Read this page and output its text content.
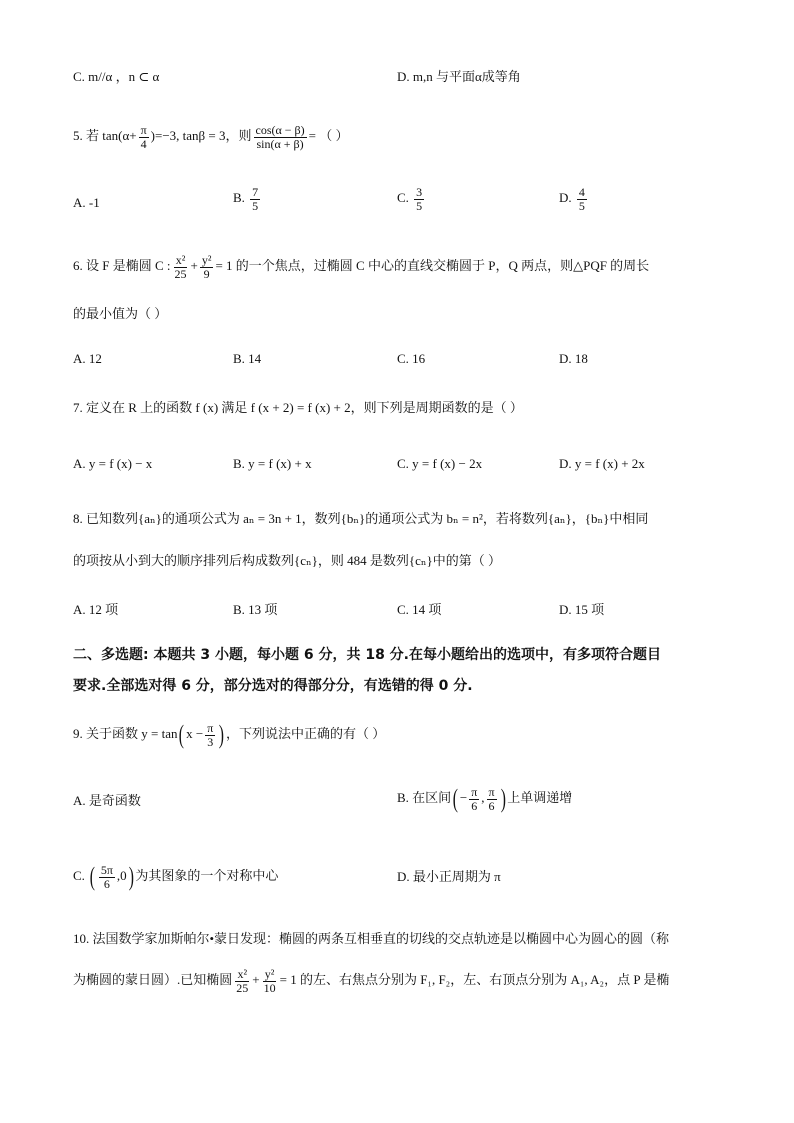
C. m//α ，n ⊂ α	D. m,n 与平面α成等角
5. 若 $\tan(\alpha+ \frac{\pi}{4} )=-3$, tanβ = 3，则 $\frac{\cos(\alpha - \beta)}{\sin(\alpha + \beta)}$ = （ ）
A. -1	B. $\frac{7}{5}$	C. $\frac{3}{5}$	D. $\frac{4}{5}$
6. 设 F 是椭圆 C : $\frac{\text{x²}}{25} + \frac{\text{y²}}{9} = 1$ 的一个焦点，过椭圆 C 中心的直线交椭圆于 P，Q 两点，则△PQF 的周长
的最小值为（ ）
A. 12	B. 14	C. 16	D. 18
7. 定义在 R 上的函数 f (x) 满足 f (x + 2) = f (x) + 2，则下列是周期函数的是（ ）
A. y = f (x) − x	B. y = f (x) + x	C. y = f (x) − 2x	D. y = f (x) + 2x
8. 已知数列{aₙ}的通项公式为 aₙ = 3n + 1，数列{bₙ}的通项公式为 bₙ = n²，若将数列{aₙ}，{bₙ}中相同
的项按从小到大的顺序排列后构成数列{cₙ}，则 484 是数列{cₙ}中的第（ ）
A. 12 项	B. 13 项	C. 14 项	D. 15 项
二、多选题: 本题共 3 小题，每小题 6 分，共 18 分.在每小题给出的选项中，有多项符合题目
要求.全部选对得 6 分，部分选对的得部分分，有选错的得 0 分.
9. 关于函数 y = tan( $x - \frac{\pi}{3}$ ) ，下列说法中正确的有（ ）
A. 是奇函数	B. 在区间( − $\frac{\pi}{6}$ , $\frac{\pi}{6}$ ) 上单调递增
C. ( $\frac{5\pi}{6} ,0$) 为其图象的一个对称中心	D. 最小正周期为 π
10. 法国数学家加斯帕尔•蒙日发现：椭圆的两条互相垂直的切线的交点轨迹是以椭圆中心为圆心的圆（称
为椭圆的蒙日圆）.已知椭圆 $\frac{\text{x²}}{25} + \frac{\text{y²}}{10} = 1$ 的左、右焦点分别为 F₁, F₂，左、右顶点分别为 A₁, A₂，点 P 是椭
